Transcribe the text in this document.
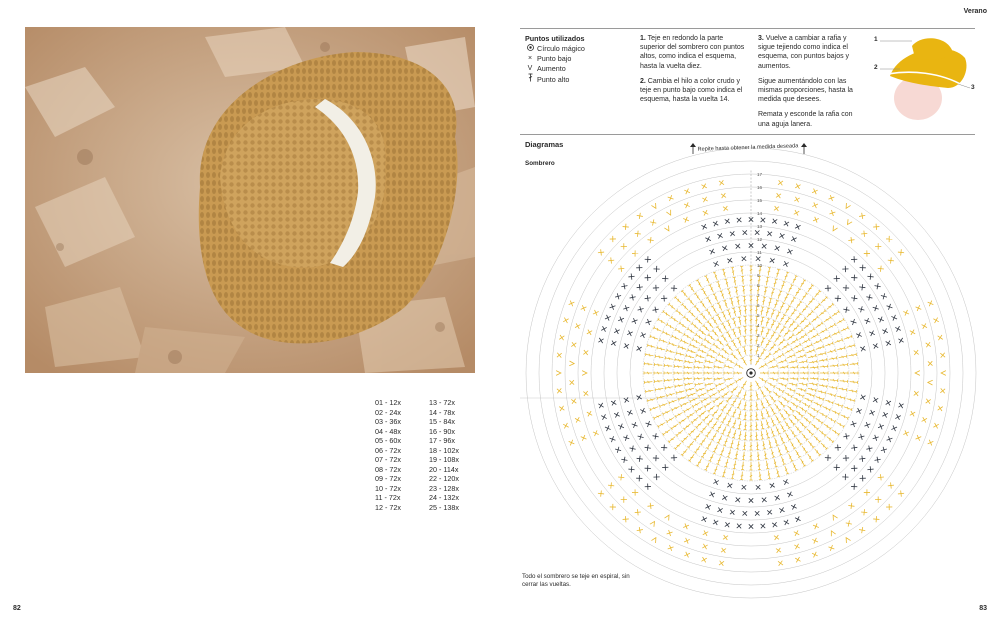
Verano
82	83
Puntos utilizados
Círculo mágico
× Punto bajo
V Aumento
Punto alto

1. Teje en redondo la parte superior del sombrero con puntos altos, como indica el esquema, hasta la vuelta diez.

2. Cambia el hilo a color crudo y teje en punto bajo como indica el esquema, hasta la vuelta 14.

3. Vuelve a cambiar a rafia y sigue tejiendo como indica el esquema, con puntos bajos y aumentos.

Sigue aumentándolo con las mismas proporciones, hasta la medida que desees.

Remata y esconde la rafia con una aguja lanera.

1
2
3
Diagramas
Sombrero
1
2
3
4
5
6
7
8
9
10
11
12
13
14
15
16
17
Repite hasta obtener la medida deseada
01 - 12x
02 - 24x
03 - 36x
04 - 48x
05 - 60x
06 - 72x
07 - 72x
08 - 72x
09 - 72x
10 - 72x
11 - 72x
12 - 72x
13 - 72x
14 - 78x
15 - 84x
16 - 90x
17 - 96x
18 - 102x
19 - 108x
20 - 114x
22 - 120x
23 - 128x
24 - 132x
25 - 138x
Todo el sombrero se teje en espiral, sin cerrar las vueltas.
